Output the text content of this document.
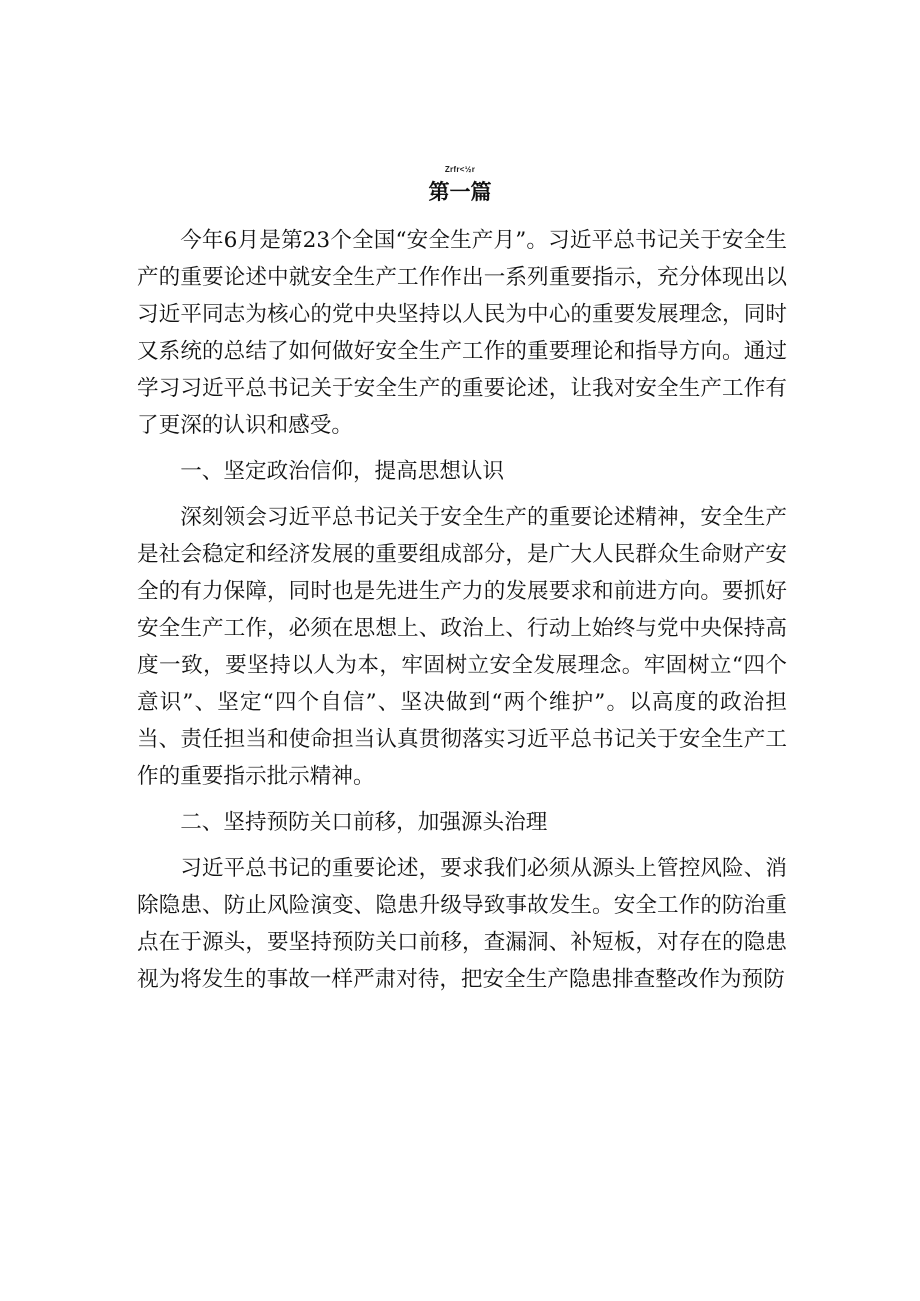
Zrfr<½r
第一篇

今年6月是第23个全国“安全生产月”。习近平总书记关于安全生产的重要论述中就安全生产工作作出一系列重要指示，充分体现出以习近平同志为核心的党中央坚持以人民为中心的重要发展理念，同时又系统的总结了如何做好安全生产工作的重要理论和指导方向。通过学习习近平总书记关于安全生产的重要论述，让我对安全生产工作有了更深的认识和感受。

一、坚定政治信仰，提高思想认识

深刻领会习近平总书记关于安全生产的重要论述精神，安全生产是社会稳定和经济发展的重要组成部分，是广大人民群众生命财产安全的有力保障，同时也是先进生产力的发展要求和前进方向。要抓好安全生产工作，必须在思想上、政治上、行动上始终与党中央保持高度一致，要坚持以人为本，牢固树立安全发展理念。牢固树立“四个意识”、坚定“四个自信”、坚决做到“两个维护”。以高度的政治担当、责任担当和使命担当认真贯彻落实习近平总书记关于安全生产工作的重要指示批示精神。

二、坚持预防关口前移，加强源头治理

习近平总书记的重要论述，要求我们必须从源头上管控风险、消除隐患、防止风险演变、隐患升级导致事故发生。安全工作的防治重点在于源头，要坚持预防关口前移，查漏洞、补短板，对存在的隐患视为将发生的事故一样严肃对待，把安全生产隐患排查整改作为预防
